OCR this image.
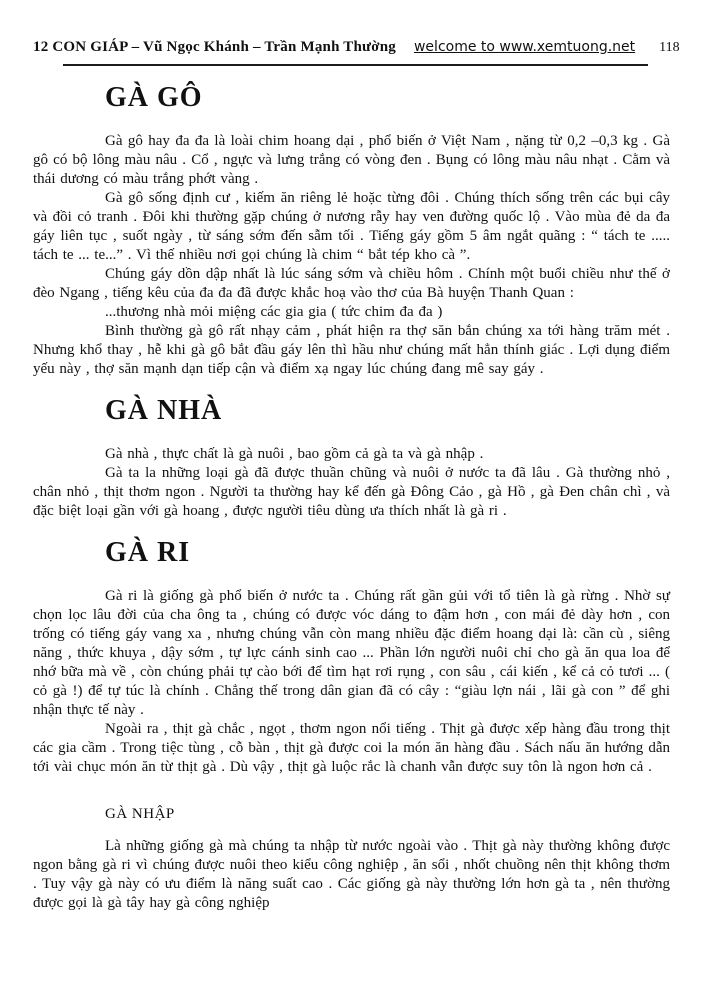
12 CON GIÁP – Vũ Ngọc Khánh – Trần Mạnh Thường welcome to www.xemtuong.net 118
GÀ GÔ

Gà gô hay đa đa là loài chim hoang dại , phổ biến ở Việt Nam , nặng từ 0,2 –0,3 kg . Gà gô có bộ lông màu nâu . Cổ , ngực và lưng trắng có vòng đen . Bụng có lông màu nâu nhạt . Cằm và thái dương có màu trắng phớt vàng .

Gà gô sống định cư , kiếm ăn riêng lẻ hoặc từng đôi . Chúng thích sống trên các bụi cây và đồi cỏ tranh . Đôi khi thường gặp chúng ở nương rẫy hay ven đường quốc lộ . Vào mùa đẻ da đa gáy liên tục , suốt ngày , từ sáng sớm đến sẫm tối . Tiếng gáy gồm 5 âm ngắt quãng : “ tách te ..... tách te ... te...” . Vì thế nhiều nơi gọi chúng là chim “ bắt tép kho cà ”.

Chúng gáy dồn dập nhất là lúc sáng sớm và chiều hôm . Chính một buổi chiều như thế ở đèo Ngang , tiếng kêu của đa đa đã được khắc hoạ vào thơ của Bà huyện Thanh Quan :

...thương nhà mỏi miệng các gia gia ( tức chim đa đa )

Bình thường gà gô rất nhạy cảm , phát hiện ra thợ săn bắn chúng xa tới hàng trăm mét . Nhưng khổ thay , hễ khi gà gô bắt đầu gáy lên thì hầu như chúng mất hẳn thính giác . Lợi dụng điểm yếu này , thợ săn mạnh dạn tiếp cận và điểm xạ ngay lúc chúng đang mê say gáy .

GÀ NHÀ

Gà nhà , thực chất là gà nuôi , bao gồm cả gà ta và gà nhập .

Gà ta la những loại gà đã được thuần chũng và nuôi ở nước ta đã lâu . Gà thường nhỏ , chân nhỏ , thịt thơm ngon . Người ta thường hay kể đến gà Đông Cảo , gà Hồ , gà Đen chân chì , và đặc biệt loại gần với gà hoang , được người tiêu dùng ưa thích nhất là gà ri .

GÀ RI

Gà ri là giống gà phổ biến ở nước ta . Chúng rất gần gủi với tổ tiên là gà rừng . Nhờ sự chọn lọc lâu đời của cha ông ta , chúng có được vóc dáng to đậm hơn , con mái đẻ dày hơn , con trống có tiếng gáy vang xa , nhưng chúng vẫn còn mang nhiều đặc điểm hoang dại là: cần cù , siêng năng , thức khuya , dậy sớm , tự lực cánh sinh cao ... Phần lớn người nuôi chỉ cho gà ăn qua loa để nhớ bữa mà về , còn chúng phải tự cào bới để tìm hạt rơi rụng , con sâu , cái kiến , kể cả cỏ tươi ... ( cỏ gà !) để tự túc là chính . Chẳng thế trong dân gian đã có cây : “giàu lợn nái , lãi gà con ” để ghi nhận thực tế này .

Ngoài ra , thịt gà chắc , ngọt , thơm ngon nổi tiếng . Thịt gà được xếp hàng đầu trong thịt các gia cầm . Trong tiệc tùng , cỗ bàn , thịt gà được coi la món ăn hàng đầu . Sách nấu ăn hướng dẫn tới vài chục món ăn từ thịt gà . Dù vậy , thịt gà luộc rắc là chanh vẫn được suy tôn là ngon hơn cả .

GÀ NHẬP

Là những giống gà mà chúng ta nhập từ nước ngoài vào . Thịt gà này thường không được ngon bằng gà ri vì chúng được nuôi theo kiểu công nghiệp , ăn sổi , nhốt chuồng nên thịt không thơm . Tuy vậy gà này có ưu điểm là năng suất cao . Các giống gà này thường lớn hơn gà ta , nên thường được gọi là gà tây hay gà công nghiệp
